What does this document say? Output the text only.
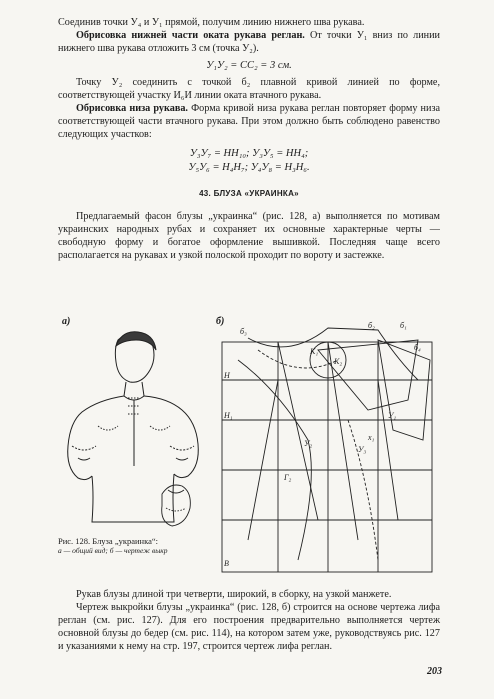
Соединив точки У₄ и У₁ прямой, получим линию нижнего шва рукава.

Обрисовка нижней части оката рукава реглан. От точки У₁ вниз по линии нижнего шва рукава отложить 3 см (точка У₂).

У₁У₂ = СС₂ = 3 см.

Точку У₂ соединить с точкой б₂ плавной кривой линией по форме, соответствующей участку И₆И линии оката втачного рукава.

Обрисовка низа рукава. Форма кривой низа рукава реглан повторяет форму низа соответствующей части втачного рукава. При этом должно быть соблюдено равенство следующих участков:

У₃У₇ = НН₁₀; У₃У₅ = НН₄;
У₅У₆ = Н₄Н₇; У₄У₈ = Н₃Н₆.
43. БЛУЗА «УКРАИНКА»

Предлагаемый фасон блузы „украинка“ (рис. 128, а) выполняется по мотивам украинских народных рубах и сохраняет их основные характерные черты — свободную форму и богатое оформление вышивкой. Последняя чаще всего располагается на рукавах и узкой полоской проходит по вороту и застежке.

а)	б)	б₂	б₁
б₃
б₄
К₁
К₂
Н
Н₁
У₂
У₃
У₁
Г₂
х₁
В
Рис. 128. Блуза „украинка“:
а — общий вид; б — чертеж выкр

Рукав блузы длиной три четверти, широкий, в сборку, на узкой манжете.

Чертеж выкройки блузы „украинка“ (рис. 128, б) строится на основе чертежа лифа реглан (см. рис. 127). Для его построения предварительно выполняется чертеж основной блузы до бедер (см. рис. 114), на котором затем уже, руководствуясь рис. 127 и указаниями к нему на стр. 197, строится чертеж лифа реглан.

203
